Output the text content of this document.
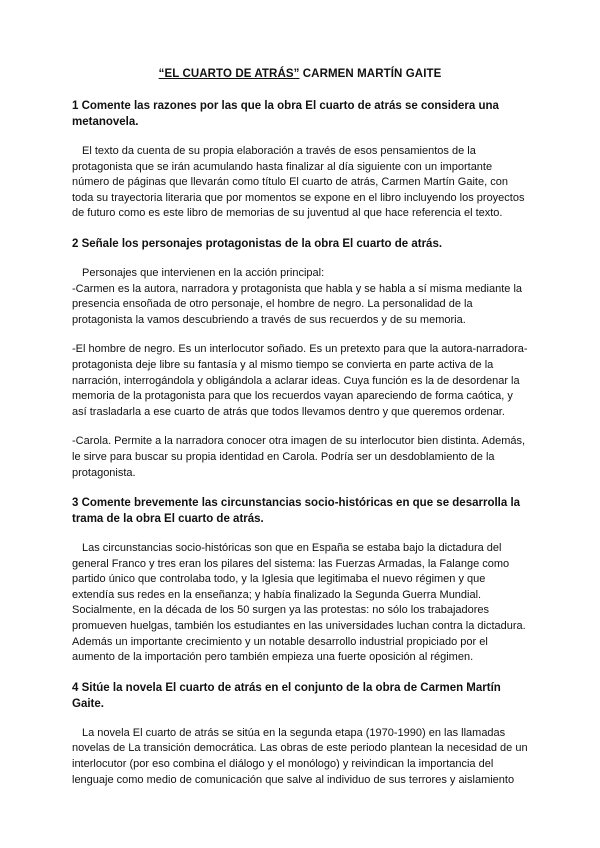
“EL CUARTO DE ATRÁS” CARMEN MARTÍN GAITE
1 Comente las razones por las que la obra El cuarto de atrás se considera una metanovela.

El texto da cuenta de su propia elaboración a través de esos pensamientos de la protagonista que se irán acumulando hasta finalizar al día siguiente con un importante número de páginas que llevarán como título El cuarto de atrás, Carmen Martín Gaite, con toda su trayectoria literaria que por momentos se expone en el libro incluyendo los proyectos de futuro como es este libro de memorias de su juventud al que hace referencia el texto.

2 Señale los personajes protagonistas de la obra El cuarto de atrás.

Personajes que intervienen en la acción principal:

-Carmen es la autora, narradora y protagonista que habla y se habla a sí misma mediante la presencia ensoñada de otro personaje, el hombre de negro. La personalidad de la protagonista la vamos descubriendo a través de sus recuerdos y de su memoria.

-El hombre de negro. Es un interlocutor soñado. Es un pretexto para que la autora-narradora-protagonista deje libre su fantasía y al mismo tiempo se convierta en parte activa de la narración, interrogándola y obligándola a aclarar ideas. Cuya función es la de desordenar la memoria de la protagonista para que los recuerdos vayan apareciendo de forma caótica, y así trasladarla a ese cuarto de atrás que todos llevamos dentro y que queremos ordenar.

-Carola. Permite a la narradora conocer otra imagen de su interlocutor bien distinta. Además, le sirve para buscar su propia identidad en Carola. Podría ser un desdoblamiento de la protagonista.

3 Comente brevemente las circunstancias socio-históricas en que se desarrolla la trama de la obra El cuarto de atrás.

Las circunstancias socio-históricas son que en España se estaba bajo la dictadura del general Franco y tres eran los pilares del sistema: las Fuerzas Armadas, la Falange como partido único que controlaba todo, y la Iglesia que legitimaba el nuevo régimen y que extendía sus redes en la enseñanza; y había finalizado la Segunda Guerra Mundial. Socialmente, en la década de los 50 surgen ya las protestas: no sólo los trabajadores promueven huelgas, también los estudiantes en las universidades luchan contra la dictadura. Además un importante crecimiento y un notable desarrollo industrial propiciado por el aumento de la importación pero también empieza una fuerte oposición al régimen.

4 Sitúe la novela El cuarto de atrás en el conjunto de la obra de Carmen Martín Gaite.

La novela El cuarto de atrás se sitúa en la segunda etapa (1970-1990) en las llamadas novelas de La transición democrática. Las obras de este periodo plantean la necesidad de un interlocutor (por eso combina el diálogo y el monólogo) y reivindican la importancia del lenguaje como medio de comunicación que salve al individuo de sus terrores y aislamiento
